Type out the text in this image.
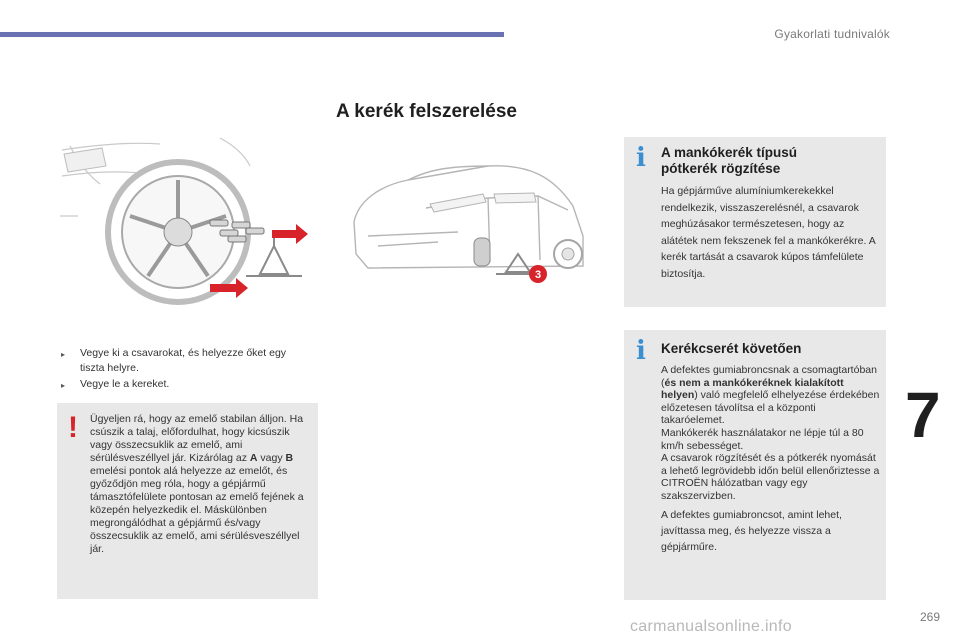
Gyakorlati tudnivalók
A kerék felszerelése
3
▸ Vegye ki a csavarokat, és helyezze őket egy tiszta helyre.
▸ Vegye le a kereket.
! Ügyeljen rá, hogy az emelő stabilan álljon. Ha csúszik a talaj, előfordulhat, hogy kicsúszik vagy összecsuklik az emelő, ami sérülésveszéllyel jár. Kizárólag az A vagy B emelési pontok alá helyezze az emelőt, és győződjön meg róla, hogy a gépjármű támasztófelülete pontosan az emelő fejének a közepén helyezkedik el. Máskülönben megrongálódhat a gépjármű és/vagy összecsuklik az emelő, ami sérülésveszéllyel jár.
i A mankókerék típusú
pótkerék rögzítése
Ha gépjárműve alumíniumkerekekkel rendelkezik, visszaszerelésnél, a csavarok meghúzásakor természetesen, hogy az alátétek nem fekszenek fel a mankókerékre. A kerék tartását a csavarok kúpos támfelülete biztosítja.
i Kerékcserét követően
A defektes gumiabroncsnak a csomagtartóban (és nem a mankókeréknek kialakított helyen) való megfelelő elhelyezése érdekében előzetesen távolítsa el a központi takaróelemet.
Mankókerék használatakor ne lépje túl a 80 km/h sebességet.
A csavarok rögzítését és a pótkerék nyomását a lehető legrövidebb időn belül ellenőriztesse a CITROËN hálózatban vagy egy szakszervizben.
A defektes gumiabroncsot, amint lehet, javíttassa meg, és helyezze vissza a gépjárműre.
7
269
carmanualsonline.info
